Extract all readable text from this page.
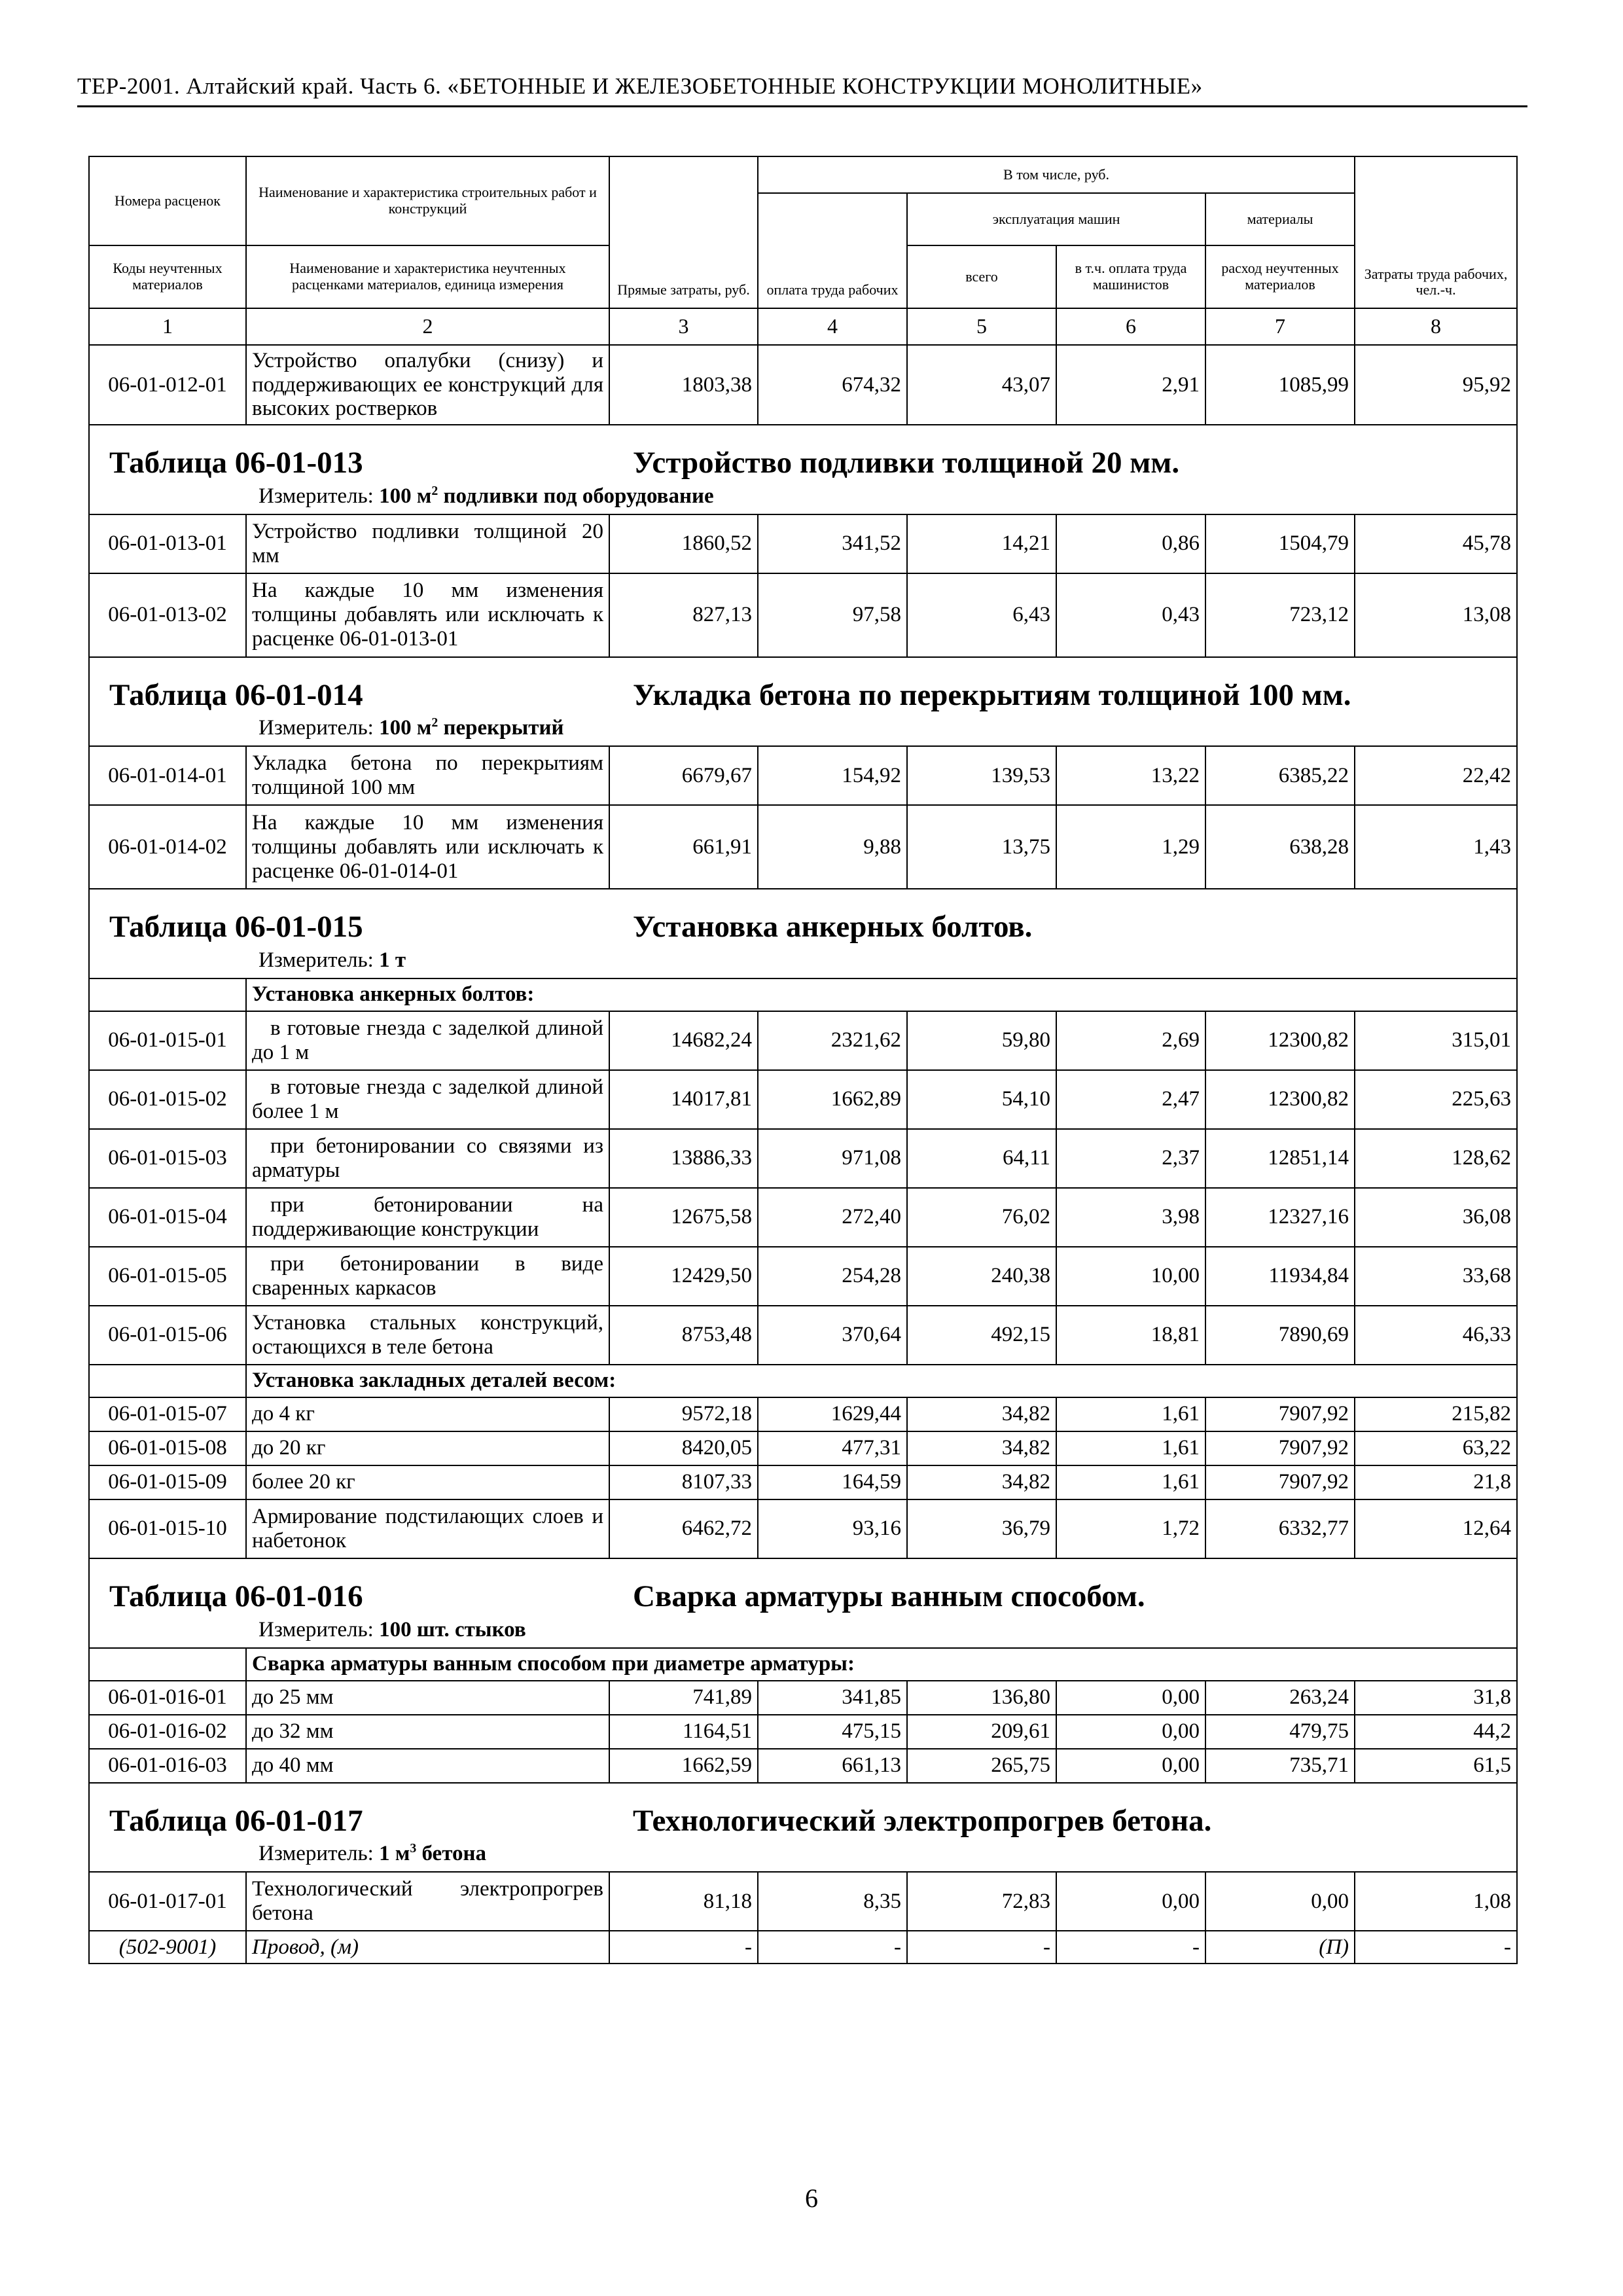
ТЕР-2001. Алтайский край. Часть 6. «БЕТОННЫЕ И ЖЕЛЕЗОБЕТОННЫЕ КОНСТРУКЦИИ МОНОЛИТНЫЕ»
Номера расценок	Наименование и характеристика строительных работ и конструкций	Прямые затраты, руб.	В том числе, руб.				Затраты труда рабочих, чел.-ч.
			оплата труда рабочих	эксплуатация машин		материалы	
Коды неучтенных материалов	Наименование и характеристика неучтенных расценками материалов, единица измерения			всего	в т.ч. оплата труда машинистов	расход неучтенных материалов	

1	2	3	4	5	6	7	8
06-01-012-01	Устройство опалубки (снизу) и поддерживающих ее конструкций для высоких ростверков	1803,38	674,32	43,07	2,91	1085,99	95,92

Таблица 06-01-013 Устройство подливки толщиной 20 мм.
Измеритель: 100 $м^2$ подливки под оборудование							

06-01-013-01	Устройство подливки толщиной 20 мм	1860,52	341,52	14,21	0,86	1504,79	45,78
06-01-013-02	На каждые 10 мм изменения толщины добавлять или исключать к расценке 06-01-013-01	827,13	97,58	6,43	0,43	723,12	13,08

Таблица 06-01-014 Укладка бетона по перекрытиям толщиной 100 мм.
Измеритель: 100 $м^2$ перекрытий							

06-01-014-01	Укладка бетона по перекрытиям толщиной 100 мм	6679,67	154,92	139,53	13,22	6385,22	22,42
06-01-014-02	На каждые 10 мм изменения толщины добавлять или исключать к расценке 06-01-014-01	661,91	9,88	13,75	1,29	638,28	1,43

Таблица 06-01-015 Установка анкерных болтов.
Измеритель: 1 т							

	Установка анкерных болтов:						
06-01-015-01	в готовые гнезда с заделкой длиной до 1 м	14682,24	2321,62	59,80	2,69	12300,82	315,01
06-01-015-02	в готовые гнезда с заделкой длиной более 1 м	14017,81	1662,89	54,10	2,47	12300,82	225,63
06-01-015-03	при бетонировании со связями из арматуры	13886,33	971,08	64,11	2,37	12851,14	128,62
06-01-015-04	при бетонировании на поддерживающие конструкции	12675,58	272,40	76,02	3,98	12327,16	36,08
06-01-015-05	при бетонировании в виде сваренных каркасов	12429,50	254,28	240,38	10,00	11934,84	33,68
06-01-015-06	Установка стальных конструкций, остающихся в теле бетона	8753,48	370,64	492,15	18,81	7890,69	46,33
	Установка закладных деталей весом:						
06-01-015-07	до 4 кг	9572,18	1629,44	34,82	1,61	7907,92	215,82
06-01-015-08	до 20 кг	8420,05	477,31	34,82	1,61	7907,92	63,22
06-01-015-09	более 20 кг	8107,33	164,59	34,82	1,61	7907,92	21,8
06-01-015-10	Армирование подстилающих слоев и набетонок	6462,72	93,16	36,79	1,72	6332,77	12,64

Таблица 06-01-016 Сварка арматуры ванным способом.
Измеритель: 100 шт. стыков							

	Сварка арматуры ванным способом при диаметре арматуры:						
06-01-016-01	до 25 мм	741,89	341,85	136,80	0,00	263,24	31,8
06-01-016-02	до 32 мм	1164,51	475,15	209,61	0,00	479,75	44,2
06-01-016-03	до 40 мм	1662,59	661,13	265,75	0,00	735,71	61,5

Таблица 06-01-017 Технологический электропрогрев бетона.
Измеритель: 1 $м^3$ бетона							

06-01-017-01	Технологический электропрогрев бетона	81,18	8,35	72,83	0,00	0,00	1,08
(502-9001)	Провод, (м)	-	-	-	-	(П)	-
6
